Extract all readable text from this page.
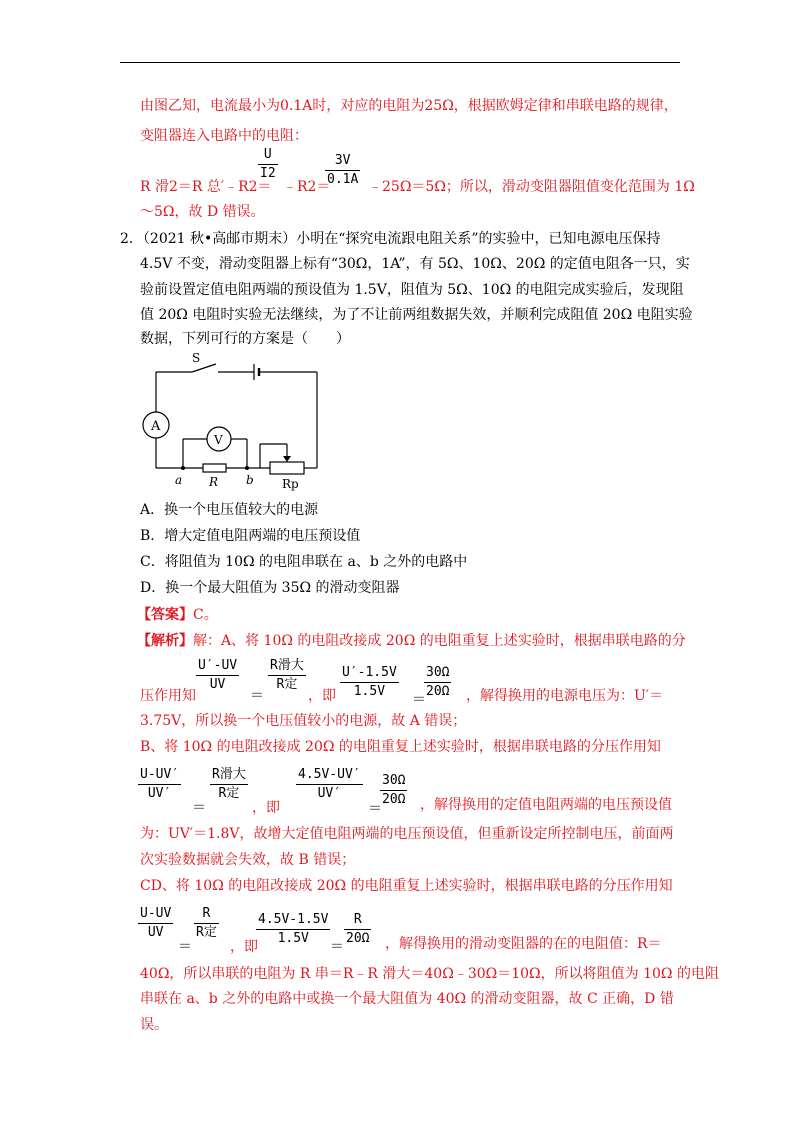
由图乙知，电流最小为0.1A时，对应的电阻为25Ω，根据欧姆定律和串联电路的规律，
变阻器连入电路中的电阻：
U
I2
3V
0.1A
R 滑2＝R 总′﹣R2＝ ﹣R2＝	﹣25Ω＝5Ω；所以，滑动变阻器阻值变化范围为 1Ω
～5Ω，故 D 错误。
2．（2021 秋•高邮市期末）小明在“探究电流跟电阻关系”的实验中，已知电源电压保持
4.5V 不变，滑动变阻器上标有“30Ω，1A”，有 5Ω、10Ω、20Ω 的定值电阻各一只，实
验前设置定值电阻两端的预设值为 1.5V，阻值为 5Ω、10Ω 的电阻完成实验后，发现阻
值 20Ω 电阻时实验无法继续，为了不让前两组数据失效，并顺利完成阻值 20Ω 电阻实验
数据，下列可行的方案是（　　）
S
A
V
a	b
R	Rp
A．换一个电压值较大的电源
B．增大定值电阻两端的电压预设值
C．将阻值为 10Ω 的电阻串联在 a、b 之外的电路中
D．换一个最大阻值为 35Ω 的滑动变阻器
【答案】C。
【解析】解：A、将 10Ω 的电阻改接成 20Ω 的电阻重复上述实验时，根据串联电路的分
U′-UV
UV
R滑大
R定
U′-1.5V
1.5V
30Ω
20Ω
压作用知	＝	，即	＝	，解得换用的电源电压为：U′＝
3.75V，所以换一个电压值较小的电源，故 A 错误；
B、将 10Ω 的电阻改接成 20Ω 的电阻重复上述实验时，根据串联电路的分压作用知
U-UV′
UV′
R滑大
R定
4.5V-UV′
UV′
30Ω
20Ω
＝	，即	＝	，解得换用的定值电阻两端的电压预设值
为：UV′＝1.8V，故增大定值电阻两端的电压预设值，但重新设定所控制电压，前面两
次实验数据就会失效，故 B 错误；
CD、将 10Ω 的电阻改接成 20Ω 的电阻重复上述实验时，根据串联电路的分压作用知
U-UV
UV
R
R定
4.5V-1.5V
1.5V
R
20Ω
＝	，即	＝	，解得换用的滑动变阻器的在的电阻值：R＝
40Ω，所以串联的电阻为 R 串＝R﹣R 滑大＝40Ω﹣30Ω＝10Ω，所以将阻值为 10Ω 的电阻
串联在 a、b 之外的电路中或换一个最大阻值为 40Ω 的滑动变阻器，故 C 正确，D 错
误。
